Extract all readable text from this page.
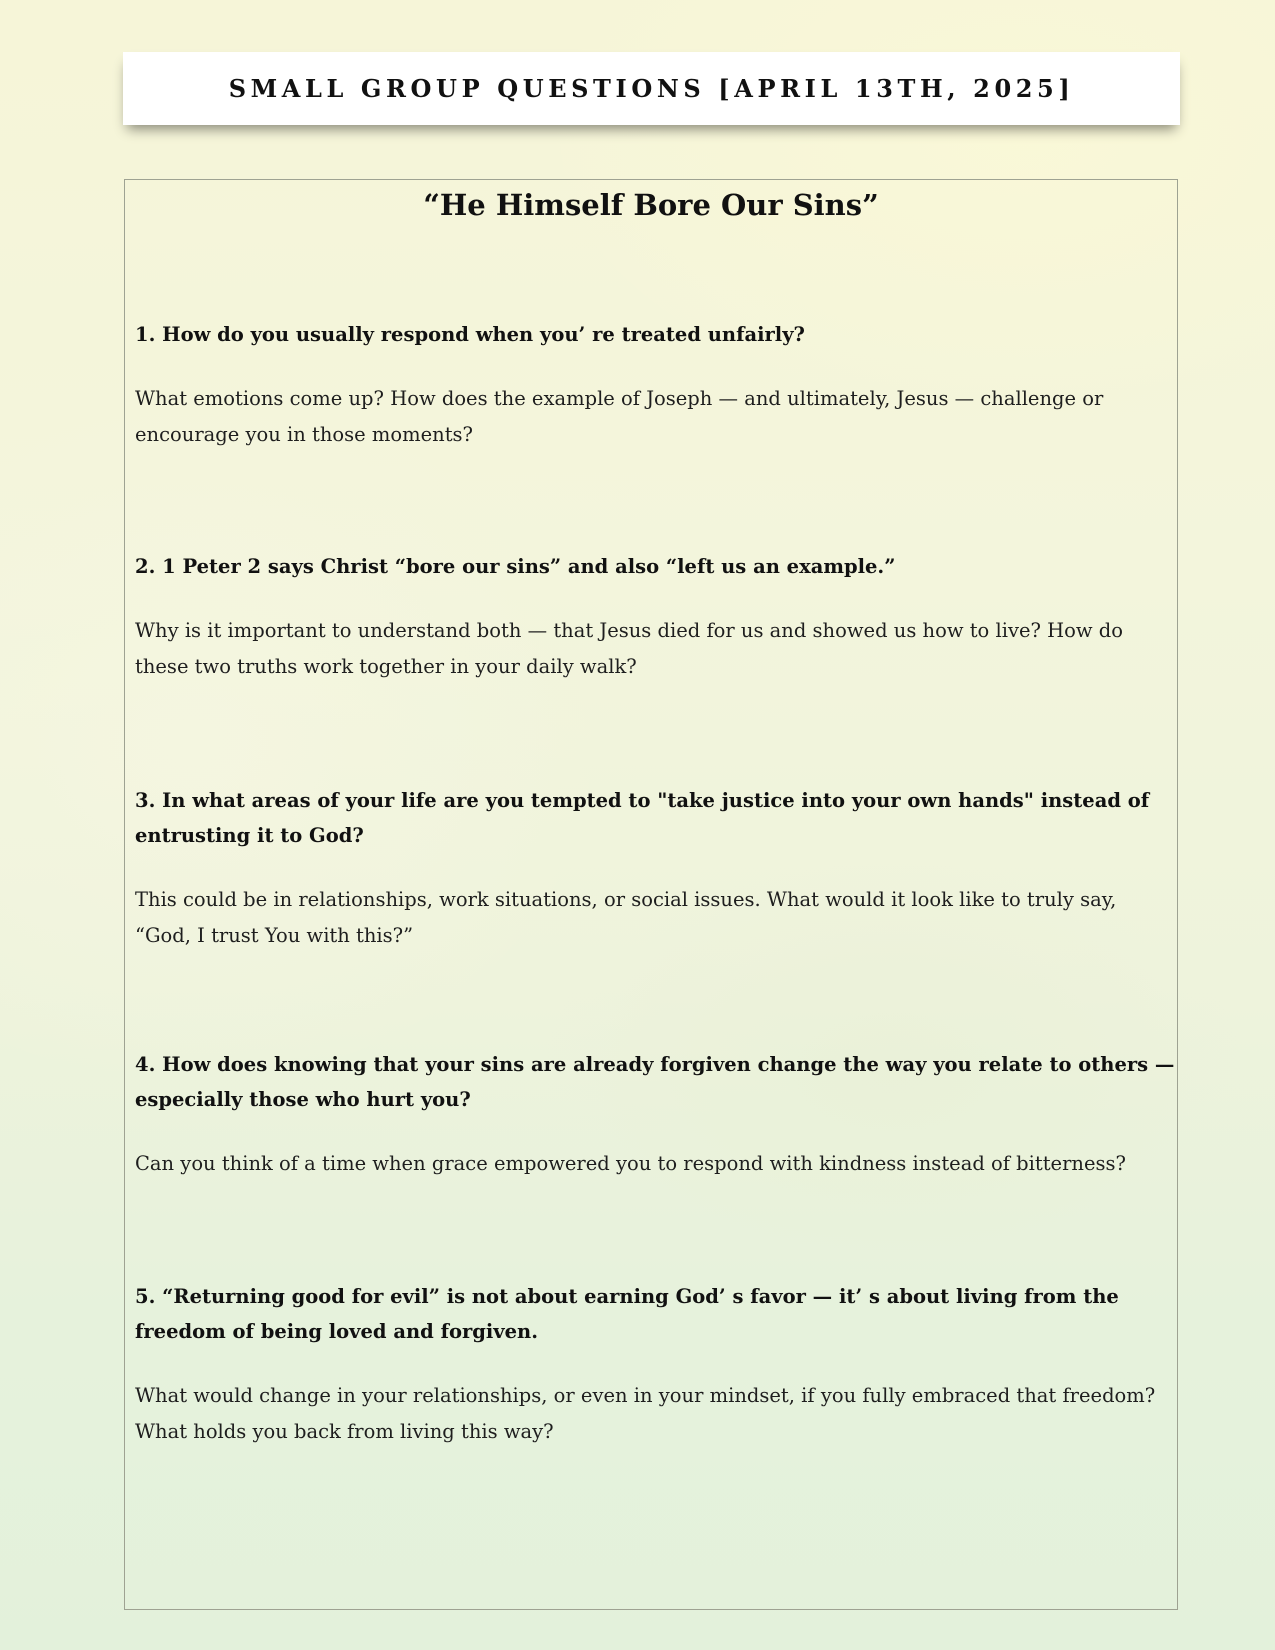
SMALL GROUP QUESTIONS [APRIL 13TH, 2025]
“He Himself Bore Our Sins”

1. How do you usually respond when you’ re treated unfairly?

What emotions come up? How does the example of Joseph — and ultimately, Jesus — challenge or encourage you in those moments?

2. 1 Peter 2 says Christ “bore our sins” and also “left us an example.”

Why is it important to understand both — that Jesus died for us and showed us how to live? How do these two truths work together in your daily walk?

3. In what areas of your life are you tempted to "take justice into your own hands" instead of entrusting it to God?

This could be in relationships, work situations, or social issues. What would it look like to truly say, “God, I trust You with this?”

4. How does knowing that your sins are already forgiven change the way you relate to others — especially those who hurt you?

Can you think of a time when grace empowered you to respond with kindness instead of bitterness?

5. “Returning good for evil” is not about earning God’ s favor — it’ s about living from the freedom of being loved and forgiven.

What would change in your relationships, or even in your mindset, if you fully embraced that freedom? What holds you back from living this way?
